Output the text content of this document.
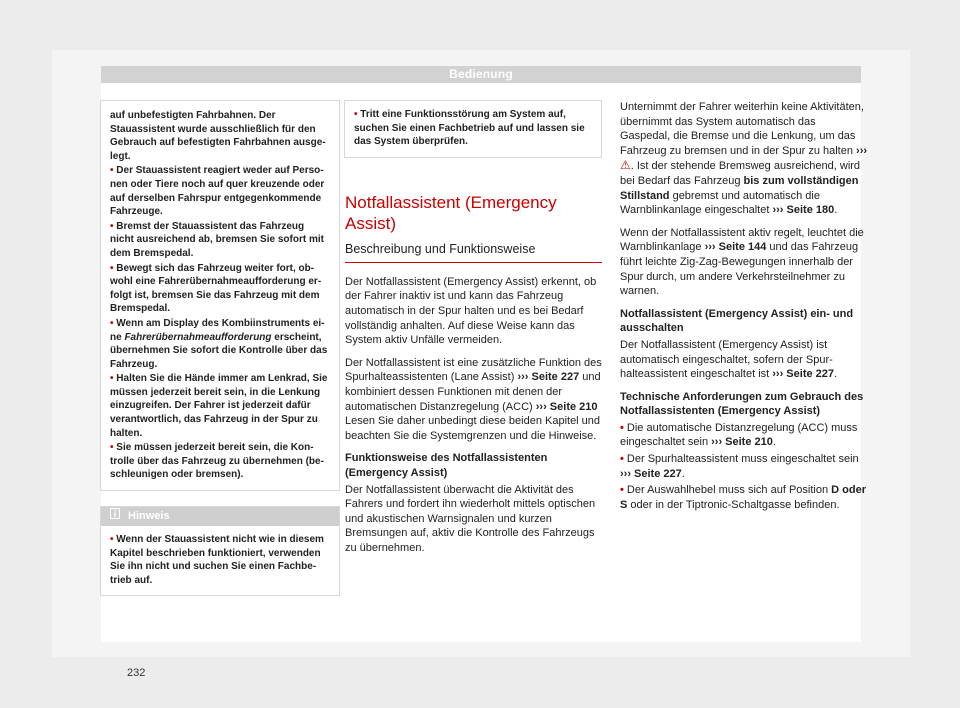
Bedienung

auf unbefestigten Fahrbahnen. Der Stauassistent wurde ausschließlich für den Gebrauch auf befestigten Fahrbahnen ausgelegt.

• Der Stauassistent reagiert weder auf Personen oder Tiere noch auf quer kreuzende oder auf derselben Fahrspur entgegenkommende Fahrzeuge.

• Bremst der Stauassistent das Fahrzeug nicht ausreichend ab, bremsen Sie sofort mit dem Bremspedal.

• Bewegt sich das Fahrzeug weiter fort, obwohl eine Fahrerübernahmeaufforderung erfolgt ist, bremsen Sie das Fahrzeug mit dem Bremspedal.

• Wenn am Display des Kombiinstruments eine Fahrerübernahmeaufforderung erscheint, übernehmen Sie sofort die Kontrolle über das Fahrzeug.

• Halten Sie die Hände immer am Lenkrad, Sie müssen jederzeit bereit sein, in die Lenkung einzugreifen. Der Fahrer ist jederzeit dafür verantwortlich, das Fahrzeug in der Spur zu halten.

• Sie müssen jederzeit bereit sein, die Kontrolle über das Fahrzeug zu übernehmen (beschleunigen oder bremsen).

Hinweis
• Wenn der Stauassistent nicht wie in diesem Kapitel beschrieben funktioniert, verwenden Sie ihn nicht und suchen Sie einen Fachbetrieb auf.
• Tritt eine Funktionsstörung am System auf, suchen Sie einen Fachbetrieb auf und lassen sie das System überprüfen.
Notfallassistent (Emergency Assist)
Beschreibung und Funktionsweise

Der Notfallassistent (Emergency Assist) erkennt, ob der Fahrer inaktiv ist und kann das Fahrzeug automatisch in der Spur halten und es bei Bedarf vollständig anhalten. Auf diese Weise kann das System aktiv Unfälle vermeiden.

Der Notfallassistent ist eine zusätzliche Funktion des Spurhalteassistenten (Lane Assist) ››› Seite 227 und kombiniert dessen Funktionen mit denen der automatischen Distanzregelung (ACC) ››› Seite 210 Lesen Sie daher unbedingt diese beiden Kapitel und beachten Sie die Systemgrenzen und die Hinweise.

Funktionsweise des Notfallassistenten (Emergency Assist)

Der Notfallassistent überwacht die Aktivität des Fahrers und fordert ihn wiederholt mittels optischen und akustischen Warnsignalen und kurzen Bremsungen auf, aktiv die Kontrolle des Fahrzeugs zu übernehmen.

Unternimmt der Fahrer weiterhin keine Aktivitäten, übernimmt das System automatisch das Gaspedal, die Bremse und die Lenkung, um das Fahrzeug zu bremsen und in der Spur zu halten ››› ⚠. Ist der stehende Bremsweg ausreichend, wird bei Bedarf das Fahrzeug bis zum vollständigen Stillstand gebremst und automatisch die Warnblinkanlage eingeschaltet ››› Seite 180.

Wenn der Notfallassistent aktiv regelt, leuchtet die Warnblinkanlage ››› Seite 144 und das Fahrzeug führt leichte Zig-Zag-Bewegungen innerhalb der Spur durch, um andere Verkehrsteilnehmer zu warnen.

Notfallassistent (Emergency Assist) ein- und ausschalten

Der Notfallassistent (Emergency Assist) ist automatisch eingeschaltet, sofern der Spurhalteassistent eingeschaltet ist ››› Seite 227.

Technische Anforderungen zum Gebrauch des Notfallassistenten (Emergency Assist)

• Die automatische Distanzregelung (ACC) muss eingeschaltet sein ››› Seite 210.

• Der Spurhalteassistent muss eingeschaltet sein ››› Seite 227.

• Der Auswahlhebel muss sich auf Position D oder S oder in der Tiptronic-Schaltgasse befinden.

232
